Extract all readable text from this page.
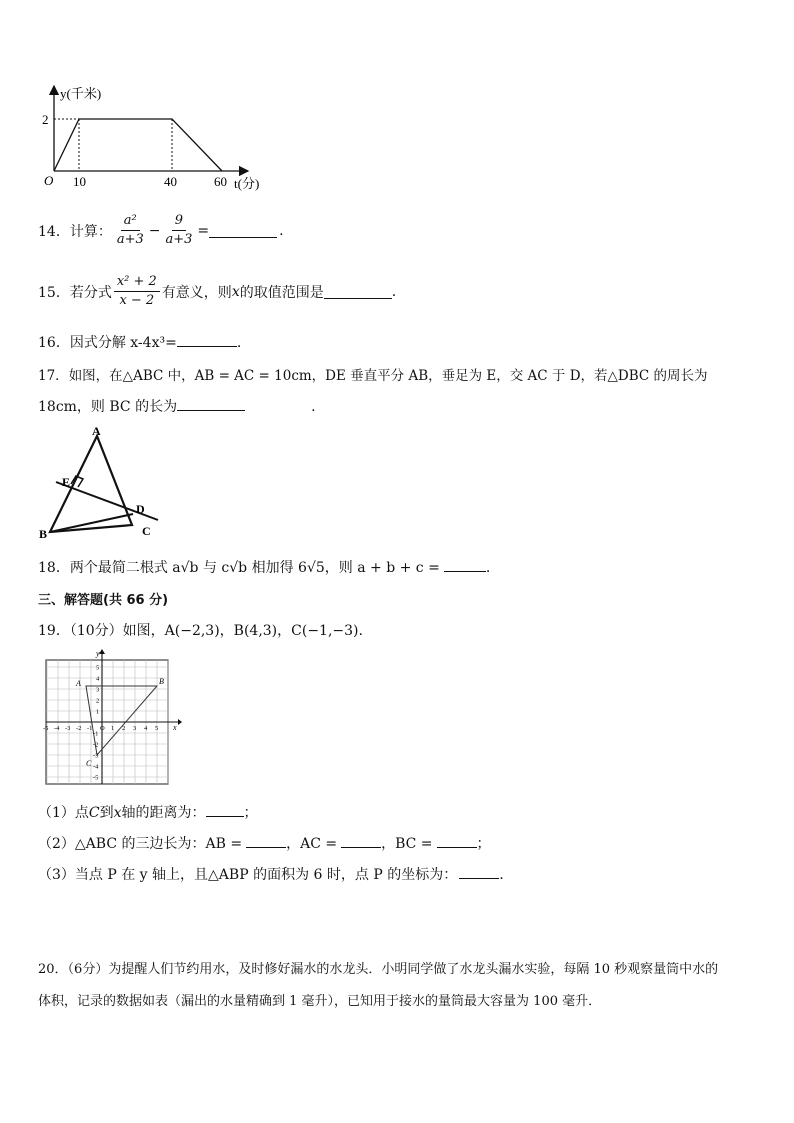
y(千米)
2
O 10	40	60 t(分)
14． 计算： $\frac{\text{a²}}{a+3} - \frac{9}{a+3}$ =	.
15． 若分式 $\frac{\text{x² + 2}}{x - 2}$ 有意义，则 x 的取值范围是	.
16．因式分解 x-4x³=	.
17．如图，在△ABC 中，AB = AC = 10cm，DE 垂直平分 AB，垂足为 E，交 AC 于 D，若△DBC 的周长为
18cm，则 BC 的长为	.
A
E
D
B	C
18．两个最简二根式 a√b 与 c√b 相加得 6√5，则 a + b + c =	.
三、解答题(共 66 分)
19．（10分）如图，A(−2,3)，B(4,3)，C(−1,−3).
x
y
A	B
C
-5 -4 -3 -2 -1 O 1 2 3 4 5
5
4
3
2
1
-1
-2
-3
-4
-5
（1）点C到x轴的距离为：	；
（2）△ABC 的三边长为：AB =	，AC =	，BC =	；
（3）当点 P 在 y 轴上，且△ABP 的面积为 6 时，点 P 的坐标为：	.
20．（6分）为提醒人们节约用水，及时修好漏水的水龙头．小明同学做了水龙头漏水实验，每隔 10 秒观察量筒中水的
体积，记录的数据如表（漏出的水量精确到 1 毫升），已知用于接水的量筒最大容量为 100 毫升．
